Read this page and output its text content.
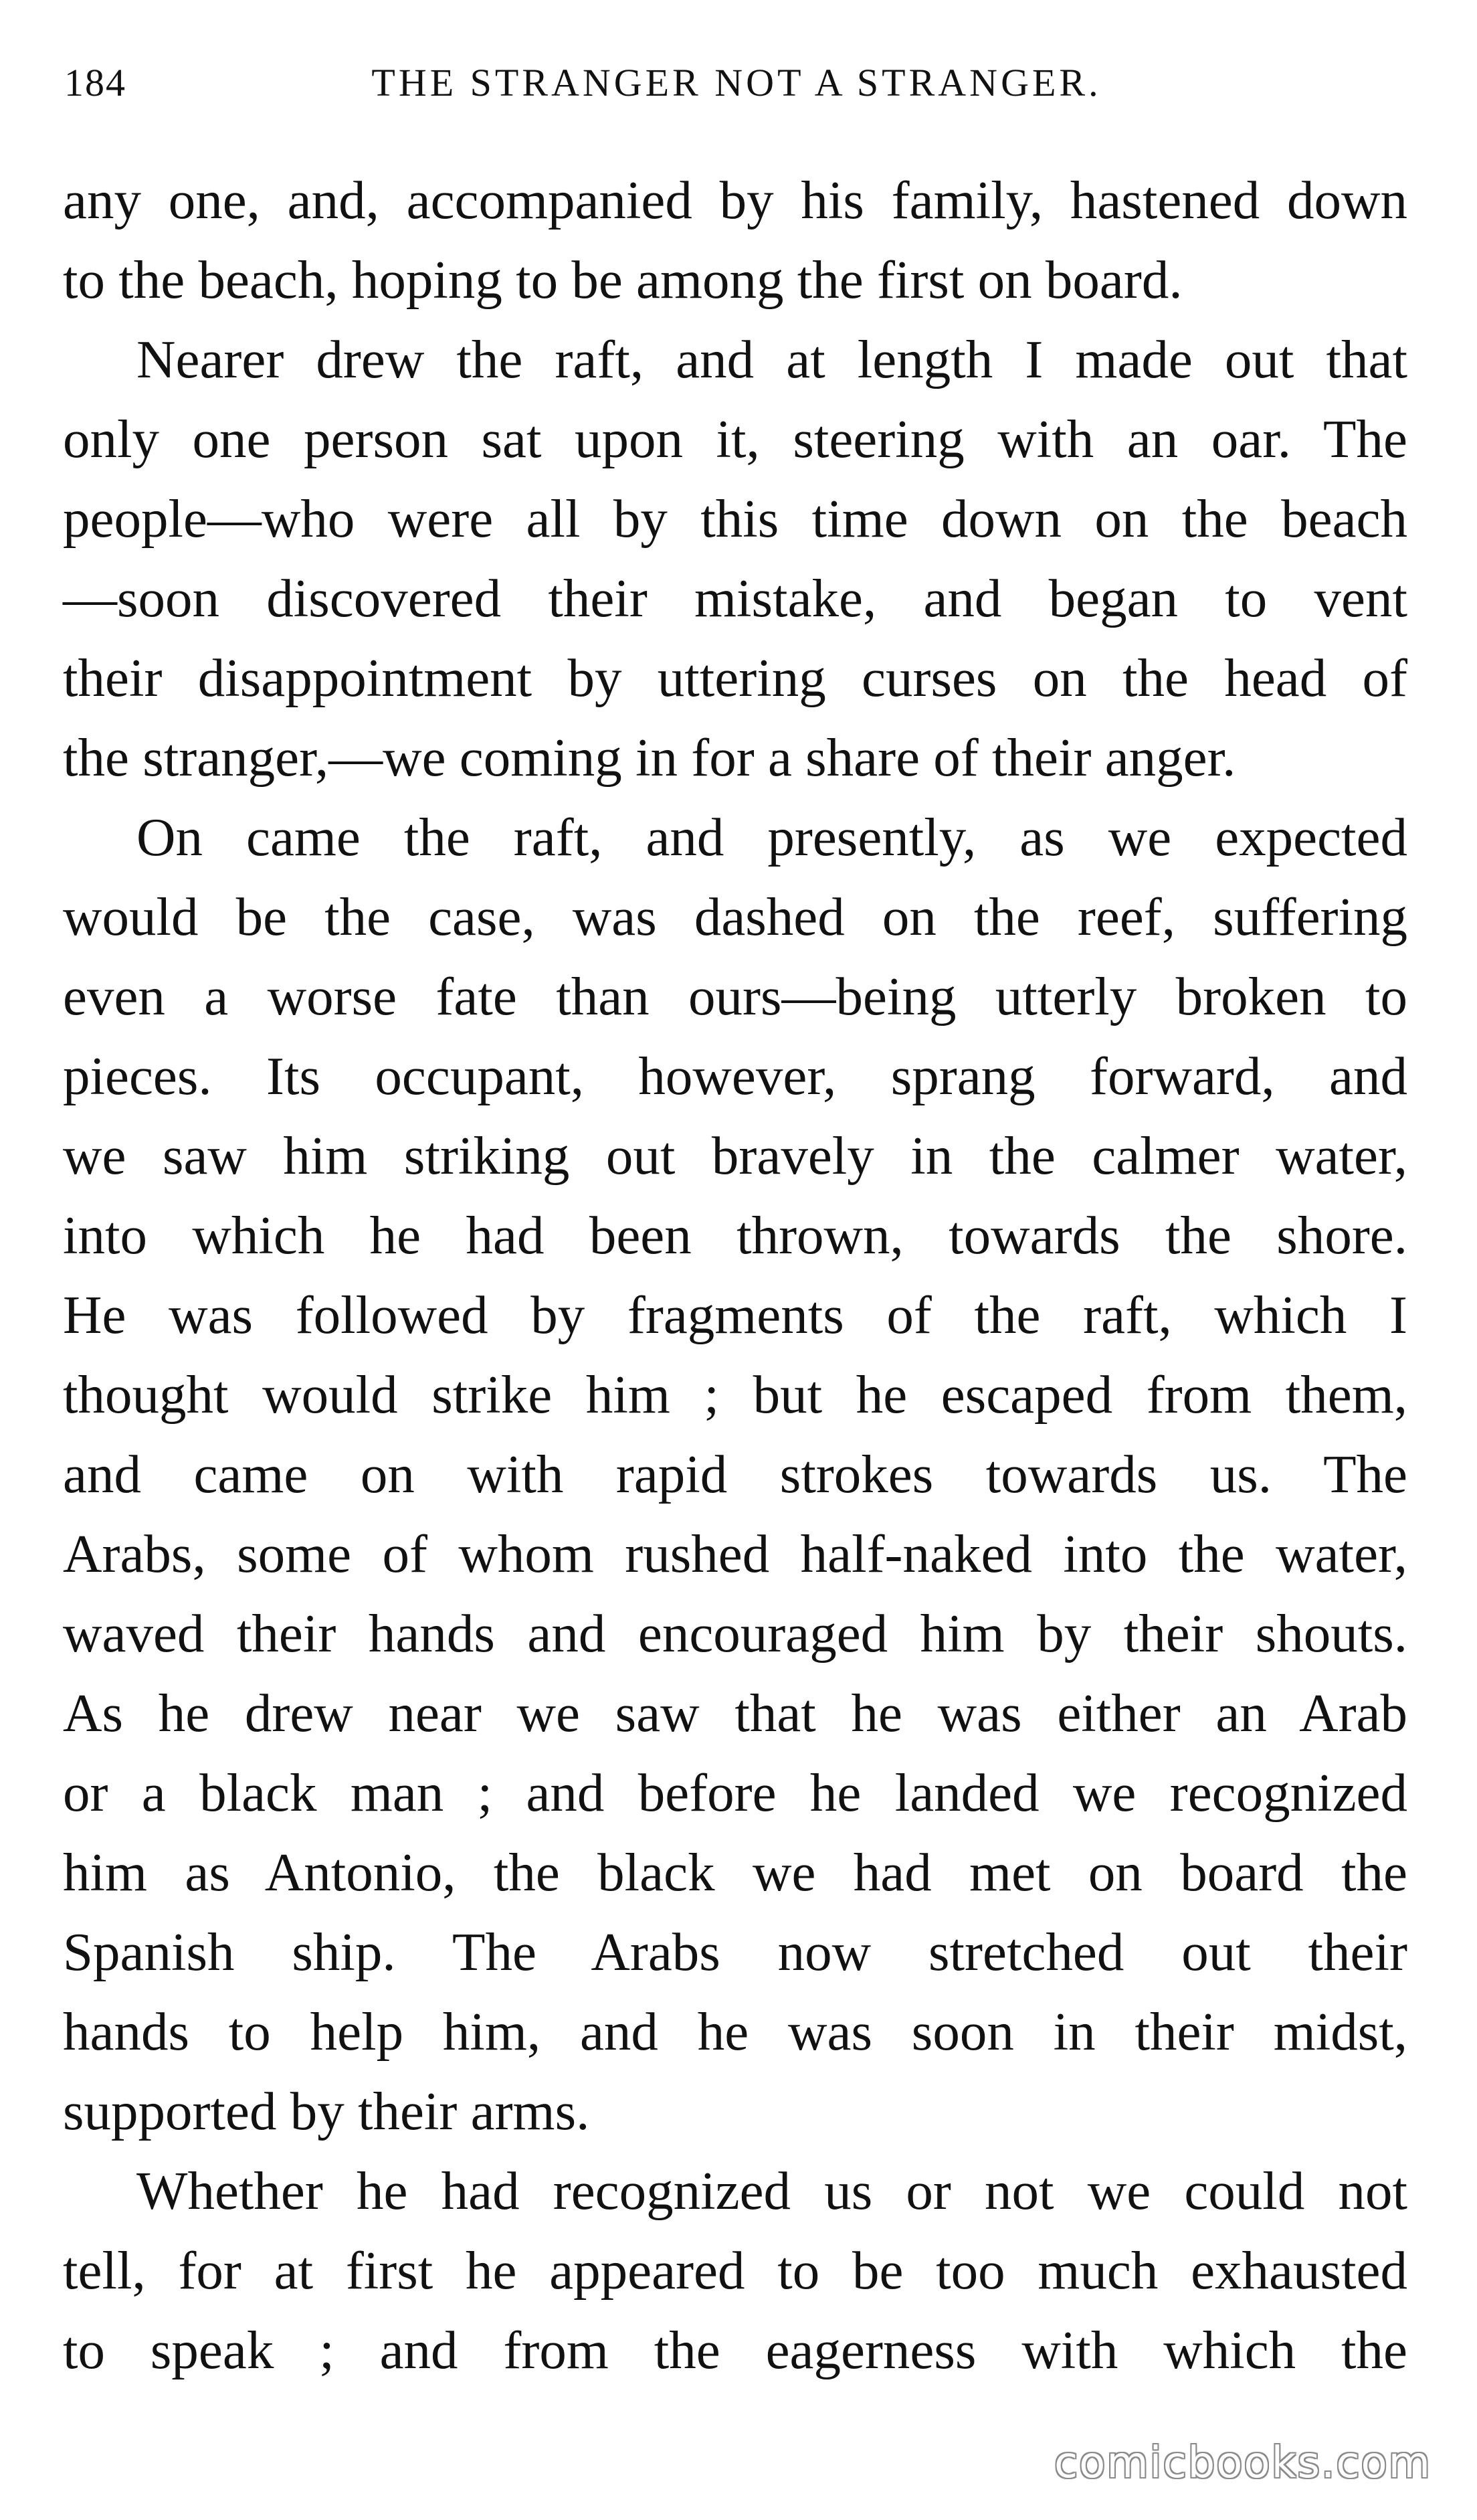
184	THE STRANGER NOT A STRANGER.

any one, and, accompanied by his family, hastened down

to the beach, hoping to be among the first on board.

Nearer drew the raft, and at length I made out that

only one person sat upon it, steering with an oar. The

people—who were all by this time down on the beach

—soon discovered their mistake, and began to vent

their disappointment by uttering curses on the head of

the stranger,—we coming in for a share of their anger.

On came the raft, and presently, as we expected

would be the case, was dashed on the reef, suffering

even a worse fate than ours—being utterly broken to

pieces. Its occupant, however, sprang forward, and

we saw him striking out bravely in the calmer water,

into which he had been thrown, towards the shore.

He was followed by fragments of the raft, which I

thought would strike him ; but he escaped from them,

and came on with rapid strokes towards us. The

Arabs, some of whom rushed half-naked into the water,

waved their hands and encouraged him by their shouts.

As he drew near we saw that he was either an Arab

or a black man ; and before he landed we recognized

him as Antonio, the black we had met on board the

Spanish ship. The Arabs now stretched out their

hands to help him, and he was soon in their midst,

supported by their arms.

Whether he had recognized us or not we could not

tell, for at first he appeared to be too much exhausted

to speak ; and from the eagerness with which the

comicbooks.com
